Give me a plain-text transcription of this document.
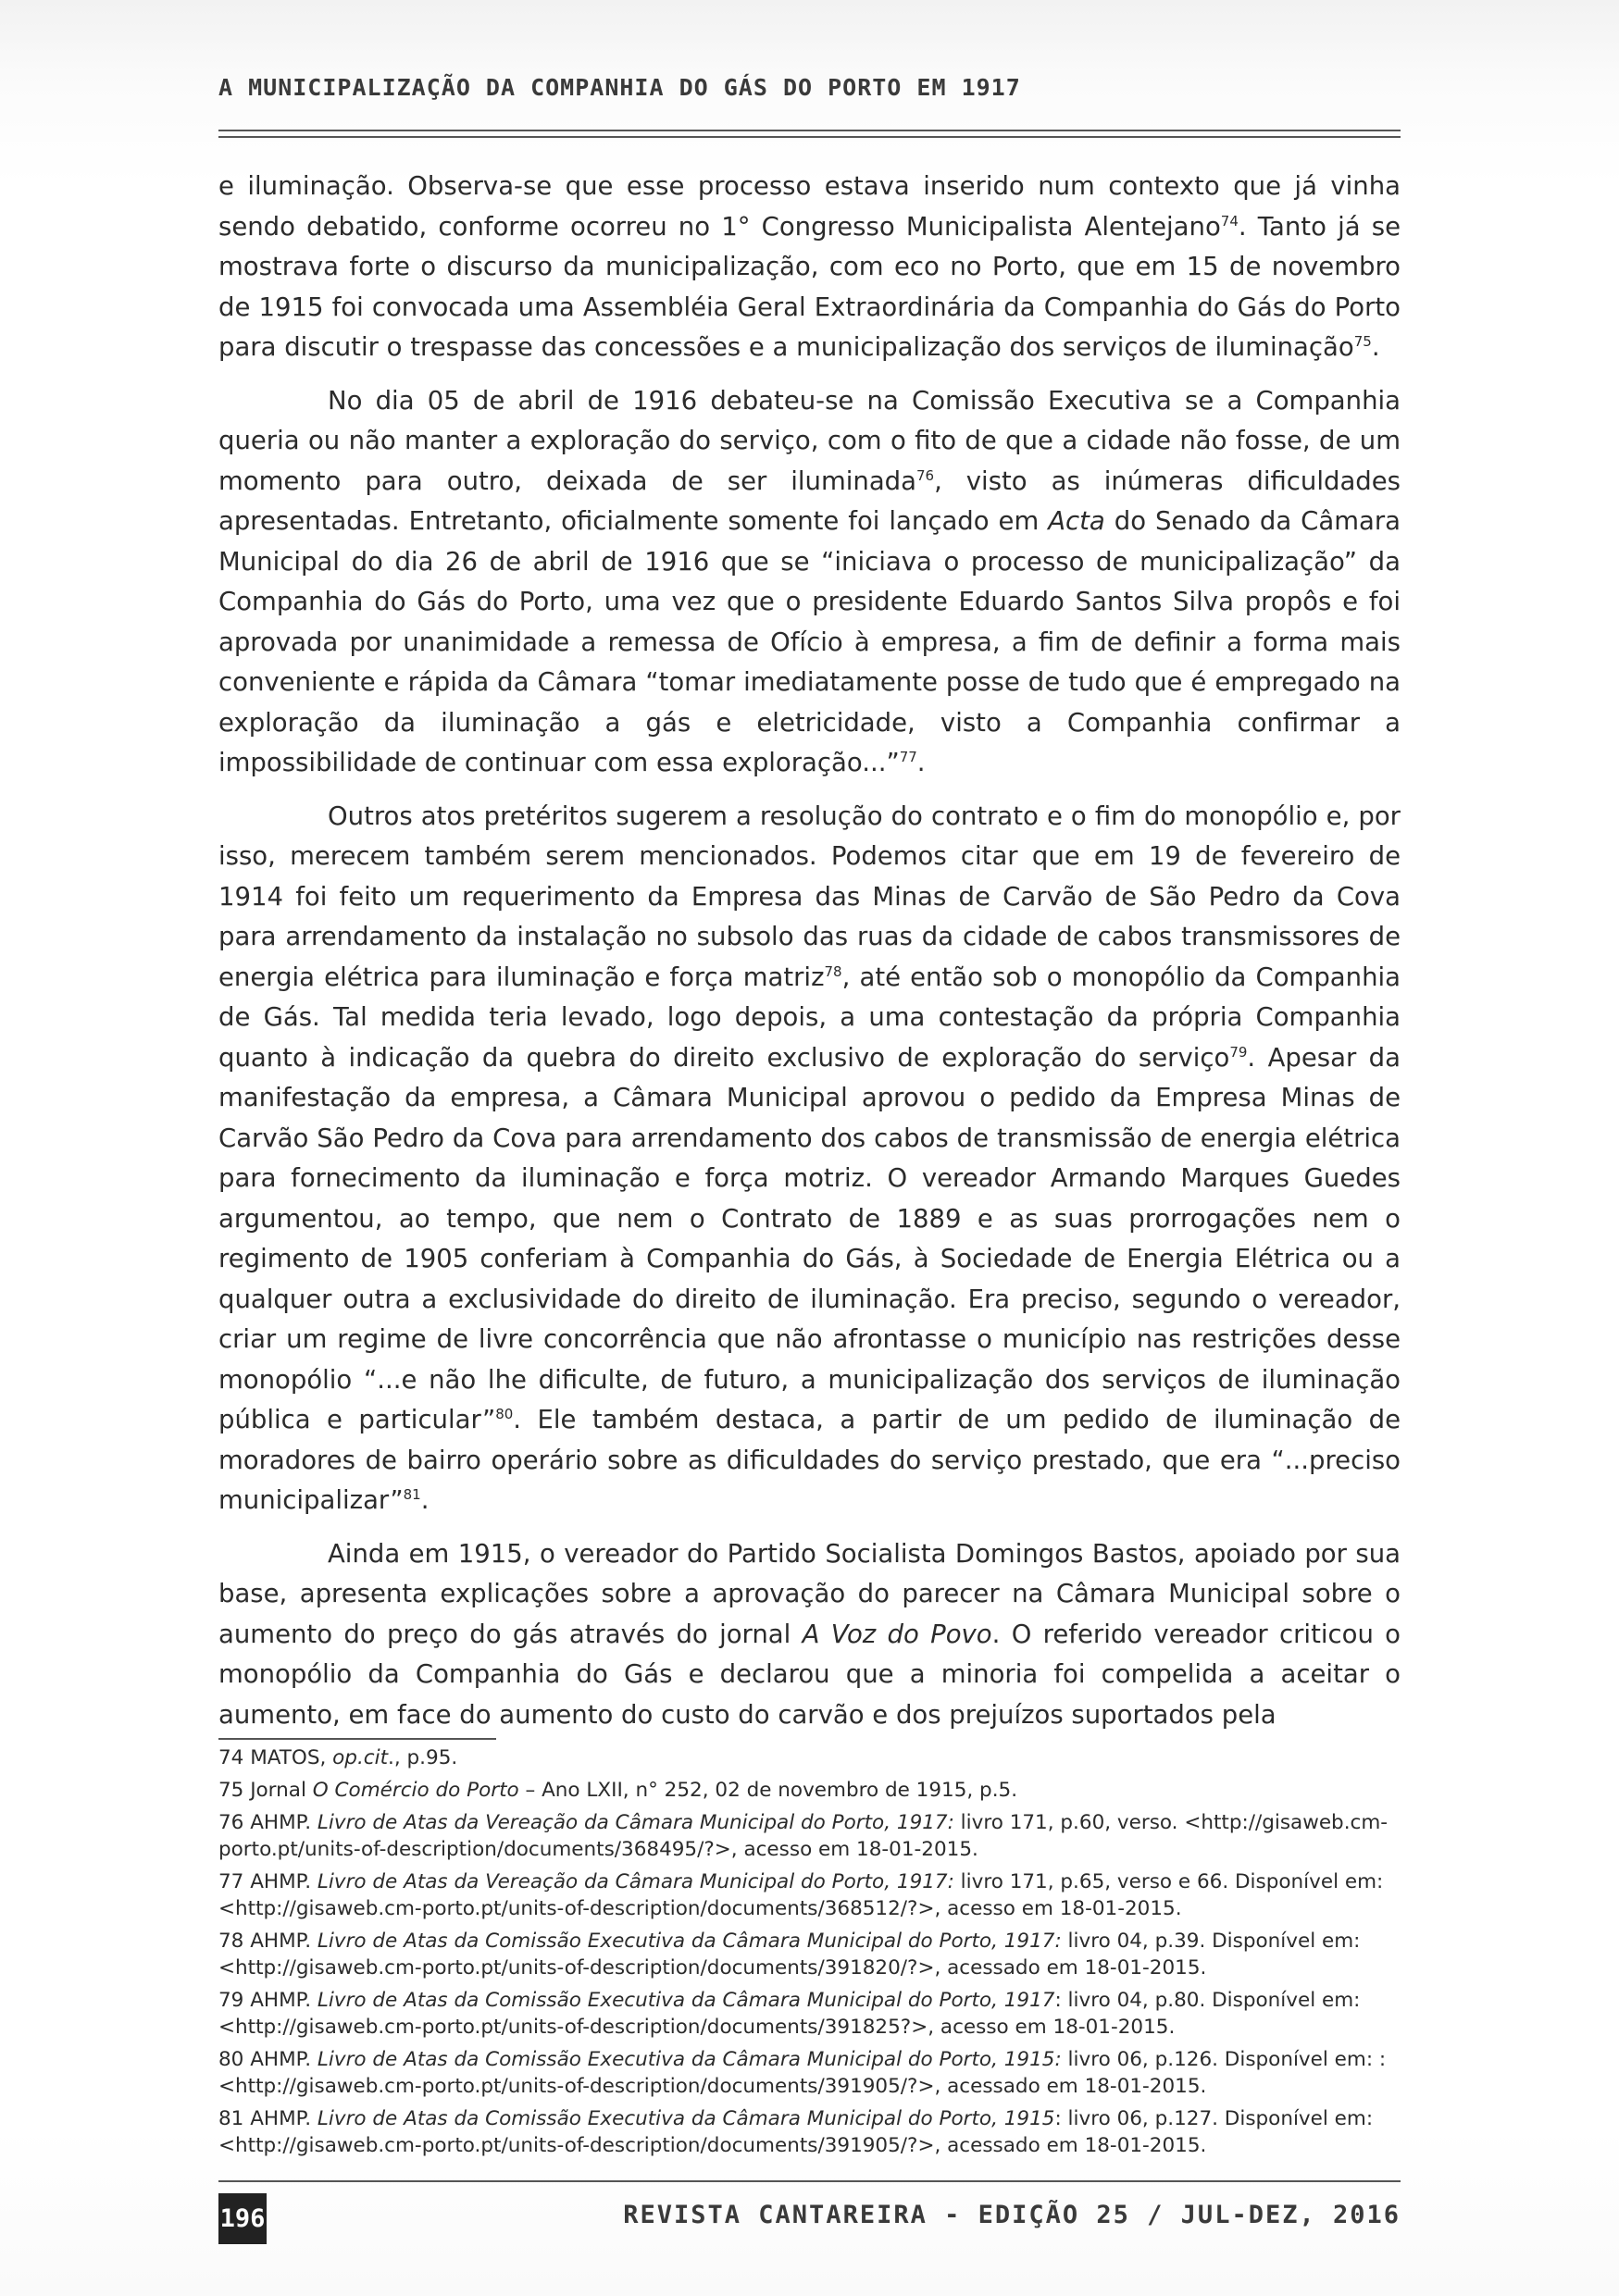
A MUNICIPALIZAÇÃO DA COMPANHIA DO GÁS DO PORTO EM 1917

e iluminação. Observa-se que esse processo estava inserido num contexto que já vinha sendo debatido, conforme ocorreu no 1° Congresso Municipalista Alentejano$^{74}$. Tanto já se mostrava forte o discurso da municipalização, com eco no Porto, que em 15 de novembro de 1915 foi convocada uma Assembléia Geral Extraordinária da Companhia do Gás do Porto para discutir o trespasse das concessões e a municipalização dos serviços de iluminação$^{75}$.

No dia 05 de abril de 1916 debateu-se na Comissão Executiva se a Companhia queria ou não manter a exploração do serviço, com o fito de que a cidade não fosse, de um momento para outro, deixada de ser iluminada$^{76}$, visto as inúmeras dificuldades apresentadas. Entretanto, oficialmente somente foi lançado em Acta do Senado da Câmara Municipal do dia 26 de abril de 1916 que se “iniciava o processo de municipalização” da Companhia do Gás do Porto, uma vez que o presidente Eduardo Santos Silva propôs e foi aprovada por unanimidade a remessa de Ofício à empresa, a fim de definir a forma mais conveniente e rápida da Câmara “tomar imediatamente posse de tudo que é empregado na exploração da iluminação a gás e eletricidade, visto a Companhia confirmar a impossibilidade de continuar com essa exploração...”$^{77}$.

Outros atos pretéritos sugerem a resolução do contrato e o fim do monopólio e, por isso, merecem também serem mencionados. Podemos citar que em 19 de fevereiro de 1914 foi feito um requerimento da Empresa das Minas de Carvão de São Pedro da Cova para arrendamento da instalação no subsolo das ruas da cidade de cabos transmissores de energia elétrica para iluminação e força matriz$^{78}$, até então sob o monopólio da Companhia de Gás. Tal medida teria levado, logo depois, a uma contestação da própria Companhia quanto à indicação da quebra do direito exclusivo de exploração do serviço$^{79}$. Apesar da manifestação da empresa, a Câmara Municipal aprovou o pedido da Empresa Minas de Carvão São Pedro da Cova para arrendamento dos cabos de transmissão de energia elétrica para fornecimento da iluminação e força motriz. O vereador Armando Marques Guedes argumentou, ao tempo, que nem o Contrato de 1889 e as suas prorrogações nem o regimento de 1905 conferiam à Companhia do Gás, à Sociedade de Energia Elétrica ou a qualquer outra a exclusividade do direito de iluminação. Era preciso, segundo o vereador, criar um regime de livre concorrência que não afrontasse o município nas restrições desse monopólio “...e não lhe dificulte, de futuro, a municipalização dos serviços de iluminação pública e particular”$^{80}$. Ele também destaca, a partir de um pedido de iluminação de moradores de bairro operário sobre as dificuldades do serviço prestado, que era “...preciso municipalizar”$^{81}$.

Ainda em 1915, o vereador do Partido Socialista Domingos Bastos, apoiado por sua base, apresenta explicações sobre a aprovação do parecer na Câmara Municipal sobre o aumento do preço do gás através do jornal A Voz do Povo. O referido vereador criticou o monopólio da Companhia do Gás e declarou que a minoria foi compelida a aceitar o aumento, em face do aumento do custo do carvão e dos prejuízos suportados pela

74 MATOS, op.cit., p.95.

75 Jornal O Comércio do Porto – Ano LXII, n° 252, 02 de novembro de 1915, p.5.

76 AHMP. Livro de Atas da Vereação da Câmara Municipal do Porto, 1917: livro 171, p.60, verso. <http://gisaweb.cm-porto.pt/units-of-description/documents/368495/?>, acesso em 18-01-2015.

77 AHMP. Livro de Atas da Vereação da Câmara Municipal do Porto, 1917: livro 171, p.65, verso e 66. Disponível em: <http://gisaweb.cm-porto.pt/units-of-description/documents/368512/?>, acesso em 18-01-2015.

78 AHMP. Livro de Atas da Comissão Executiva da Câmara Municipal do Porto, 1917: livro 04, p.39. Disponível em: <http://gisaweb.cm-porto.pt/units-of-description/documents/391820/?>, acessado em 18-01-2015.

79 AHMP. Livro de Atas da Comissão Executiva da Câmara Municipal do Porto, 1917: livro 04, p.80. Disponível em: <http://gisaweb.cm-porto.pt/units-of-description/documents/391825?>, acesso em 18-01-2015.

80 AHMP. Livro de Atas da Comissão Executiva da Câmara Municipal do Porto, 1915: livro 06, p.126. Disponível em: :<http://gisaweb.cm-porto.pt/units-of-description/documents/391905/?>, acessado em 18-01-2015.

81 AHMP. Livro de Atas da Comissão Executiva da Câmara Municipal do Porto, 1915: livro 06, p.127. Disponível em: <http://gisaweb.cm-porto.pt/units-of-description/documents/391905/?>, acessado em 18-01-2015.

196	REVISTA CANTAREIRA - EDIÇÃO 25 / JUL-DEZ, 2016
